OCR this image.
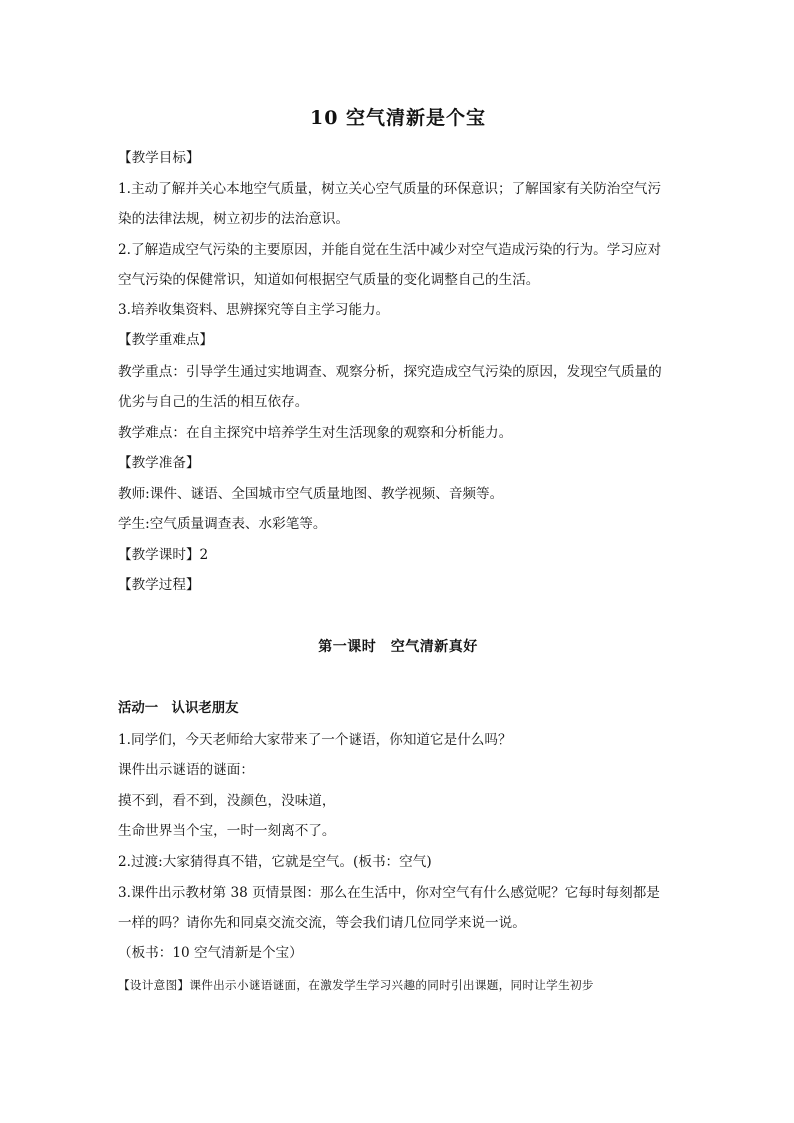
10 空气清新是个宝
【教学目标】
1.主动了解并关心本地空气质量，树立关心空气质量的环保意识；了解国家有关防治空气污
染的法律法规，树立初步的法治意识。
2.了解造成空气污染的主要原因，并能自觉在生活中减少对空气造成污染的行为。学习应对
空气污染的保健常识，知道如何根据空气质量的变化调整自己的生活。
3.培养收集资料、思辨探究等自主学习能力。
【教学重难点】
教学重点：引导学生通过实地调查、观察分析，探究造成空气污染的原因，发现空气质量的
优劣与自己的生活的相互依存。
教学难点：在自主探究中培养学生对生活现象的观察和分析能力。
【教学准备】
教师:课件、谜语、全国城市空气质量地图、教学视频、音频等。
学生:空气质量调查表、水彩笔等。
【教学课时】2
【教学过程】
第一课时　空气清新真好
活动一　认识老朋友
1.同学们，今天老师给大家带来了一个谜语，你知道它是什么吗？
课件出示谜语的谜面：
摸不到，看不到，没颜色，没味道，
生命世界当个宝，一时一刻离不了。
2.过渡:大家猜得真不错，它就是空气。(板书：空气)
3.课件出示教材第 38 页情景图：那么在生活中，你对空气有什么感觉呢？它每时每刻都是
一样的吗？请你先和同桌交流交流，等会我们请几位同学来说一说。
（板书：10 空气清新是个宝）
【设计意图】课件出示小谜语谜面，在激发学生学习兴趣的同时引出课题，同时让学生初步
